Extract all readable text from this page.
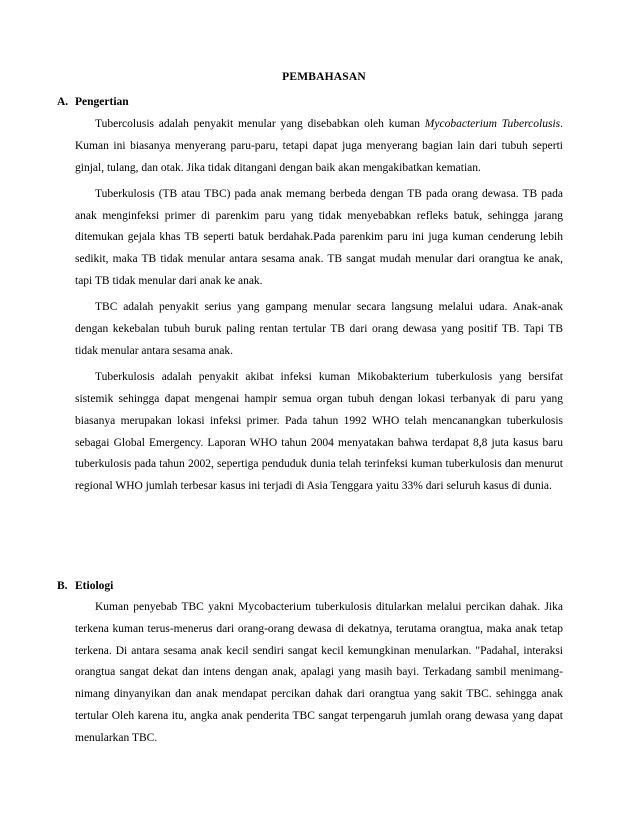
PEMBAHASAN
A. Pengertian

Tubercolusis adalah penyakit menular yang disebabkan oleh kuman Mycobacterium Tubercolusis. Kuman ini biasanya menyerang paru-paru, tetapi dapat juga menyerang bagian lain dari tubuh seperti ginjal, tulang, dan otak. Jika tidak ditangani dengan baik akan mengakibatkan kematian.

Tuberkulosis (TB atau TBC) pada anak memang berbeda dengan TB pada orang dewasa. TB pada anak menginfeksi primer di parenkim paru yang tidak menyebabkan refleks batuk, sehingga jarang ditemukan gejala khas TB seperti batuk berdahak.Pada parenkim paru ini juga kuman cenderung lebih sedikit, maka TB tidak menular antara sesama anak. TB sangat mudah menular dari orangtua ke anak, tapi TB tidak menular dari anak ke anak.

TBC adalah penyakit serius yang gampang menular secara langsung melalui udara. Anak-anak dengan kekebalan tubuh buruk paling rentan tertular TB dari orang dewasa yang positif TB. Tapi TB tidak menular antara sesama anak.

Tuberkulosis adalah penyakit akibat infeksi kuman Mikobakterium tuberkulosis yang bersifat sistemik sehingga dapat mengenai hampir semua organ tubuh dengan lokasi terbanyak di paru yang biasanya merupakan lokasi infeksi primer. Pada tahun 1992 WHO telah mencanangkan tuberkulosis sebagai Global Emergency. Laporan WHO tahun 2004 menyatakan bahwa terdapat 8,8 juta kasus baru tuberkulosis pada tahun 2002, sepertiga penduduk dunia telah terinfeksi kuman tuberkulosis dan menurut regional WHO jumlah terbesar kasus ini terjadi di Asia Tenggara yaitu 33% dari seluruh kasus di dunia.

B. Etiologi

Kuman penyebab TBC yakni Mycobacterium tuberkulosis ditularkan melalui percikan dahak. Jika terkena kuman terus-menerus dari orang-orang dewasa di dekatnya, terutama orangtua, maka anak tetap terkena. Di antara sesama anak kecil sendiri sangat kecil kemungkinan menularkan. "Padahal, interaksi orangtua sangat dekat dan intens dengan anak, apalagi yang masih bayi. Terkadang sambil menimang-nimang dinyanyikan dan anak mendapat percikan dahak dari orangtua yang sakit TBC. sehingga anak tertular Oleh karena itu, angka anak penderita TBC sangat terpengaruh jumlah orang dewasa yang dapat menularkan TBC.
